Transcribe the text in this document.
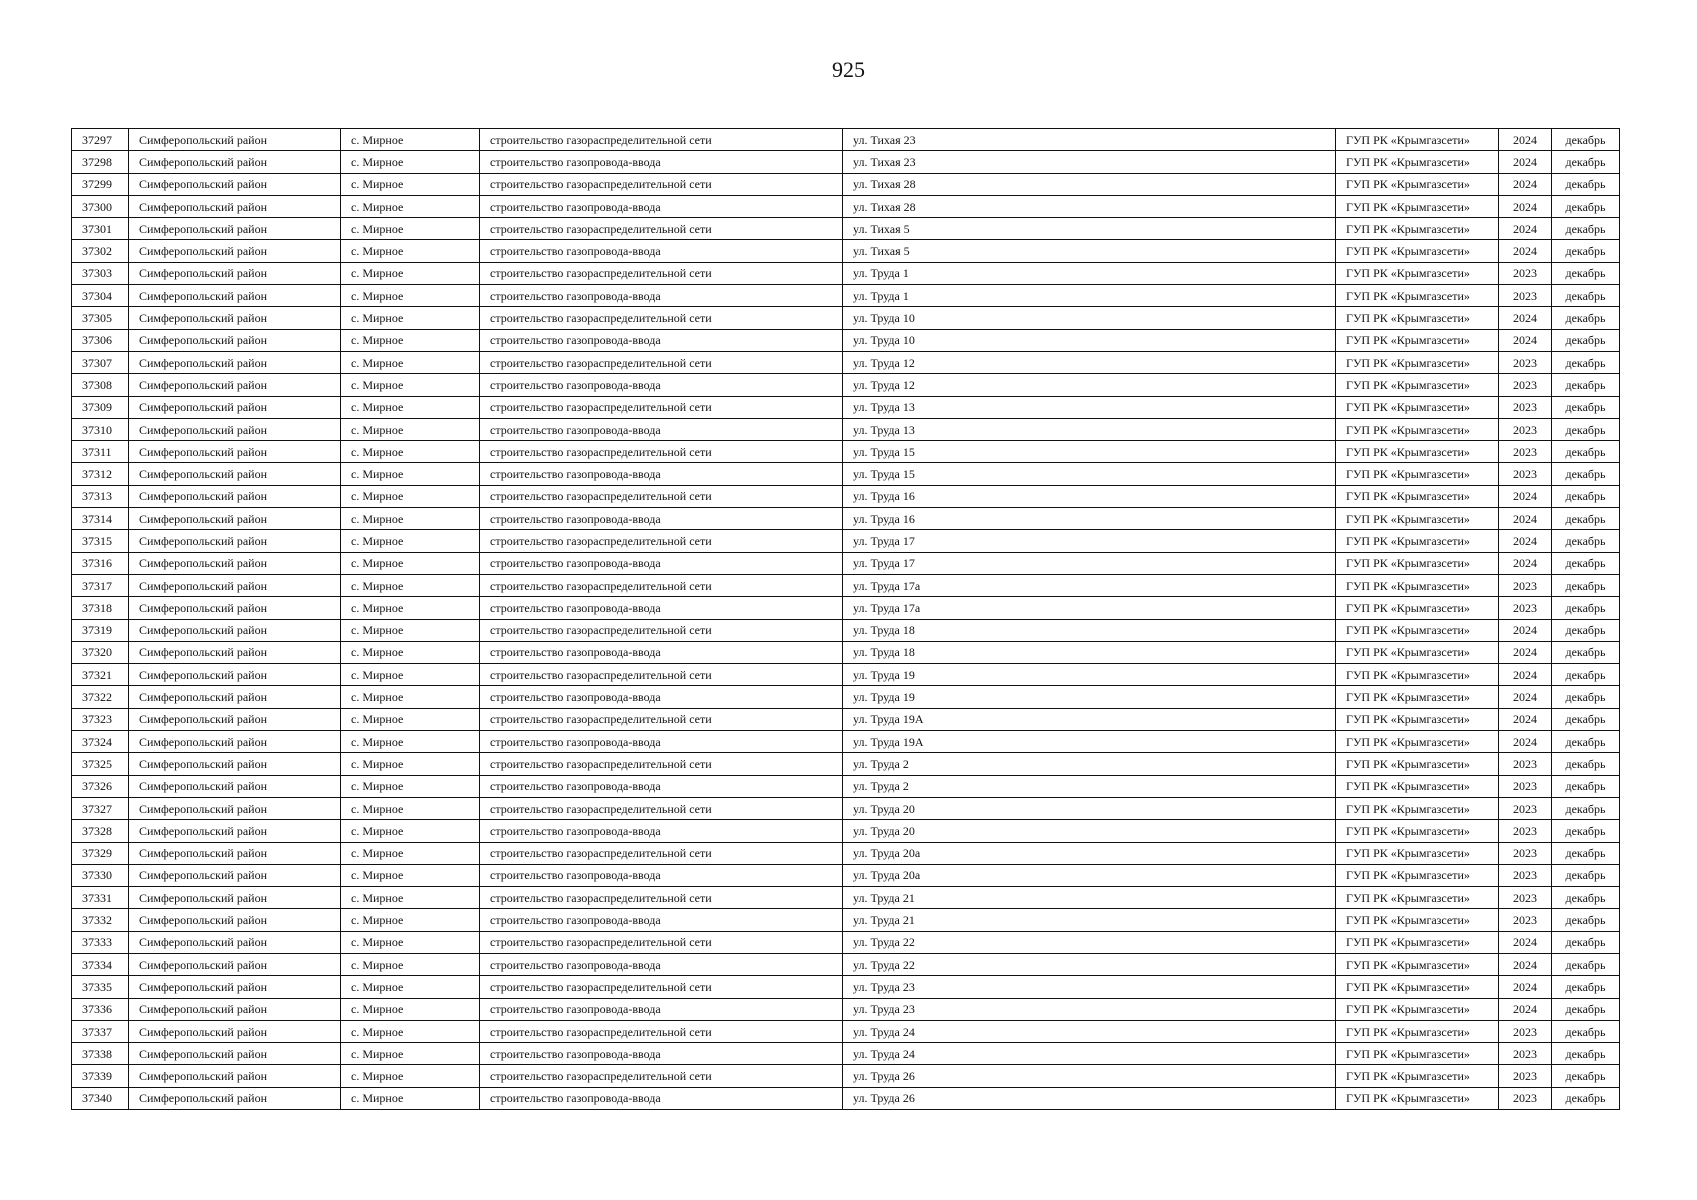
925
37297	Симферопольский район	с. Мирное	строительство газораспределительной сети	ул. Тихая 23	ГУП РК «Крымгазсети»	2024	декабрь
37298	Симферопольский район	с. Мирное	строительство газопровода-ввода	ул. Тихая 23	ГУП РК «Крымгазсети»	2024	декабрь
37299	Симферопольский район	с. Мирное	строительство газораспределительной сети	ул. Тихая 28	ГУП РК «Крымгазсети»	2024	декабрь
37300	Симферопольский район	с. Мирное	строительство газопровода-ввода	ул. Тихая 28	ГУП РК «Крымгазсети»	2024	декабрь
37301	Симферопольский район	с. Мирное	строительство газораспределительной сети	ул. Тихая 5	ГУП РК «Крымгазсети»	2024	декабрь
37302	Симферопольский район	с. Мирное	строительство газопровода-ввода	ул. Тихая 5	ГУП РК «Крымгазсети»	2024	декабрь
37303	Симферопольский район	с. Мирное	строительство газораспределительной сети	ул. Труда 1	ГУП РК «Крымгазсети»	2023	декабрь
37304	Симферопольский район	с. Мирное	строительство газопровода-ввода	ул. Труда 1	ГУП РК «Крымгазсети»	2023	декабрь
37305	Симферопольский район	с. Мирное	строительство газораспределительной сети	ул. Труда 10	ГУП РК «Крымгазсети»	2024	декабрь
37306	Симферопольский район	с. Мирное	строительство газопровода-ввода	ул. Труда 10	ГУП РК «Крымгазсети»	2024	декабрь
37307	Симферопольский район	с. Мирное	строительство газораспределительной сети	ул. Труда 12	ГУП РК «Крымгазсети»	2023	декабрь
37308	Симферопольский район	с. Мирное	строительство газопровода-ввода	ул. Труда 12	ГУП РК «Крымгазсети»	2023	декабрь
37309	Симферопольский район	с. Мирное	строительство газораспределительной сети	ул. Труда 13	ГУП РК «Крымгазсети»	2023	декабрь
37310	Симферопольский район	с. Мирное	строительство газопровода-ввода	ул. Труда 13	ГУП РК «Крымгазсети»	2023	декабрь
37311	Симферопольский район	с. Мирное	строительство газораспределительной сети	ул. Труда 15	ГУП РК «Крымгазсети»	2023	декабрь
37312	Симферопольский район	с. Мирное	строительство газопровода-ввода	ул. Труда 15	ГУП РК «Крымгазсети»	2023	декабрь
37313	Симферопольский район	с. Мирное	строительство газораспределительной сети	ул. Труда 16	ГУП РК «Крымгазсети»	2024	декабрь
37314	Симферопольский район	с. Мирное	строительство газопровода-ввода	ул. Труда 16	ГУП РК «Крымгазсети»	2024	декабрь
37315	Симферопольский район	с. Мирное	строительство газораспределительной сети	ул. Труда 17	ГУП РК «Крымгазсети»	2024	декабрь
37316	Симферопольский район	с. Мирное	строительство газопровода-ввода	ул. Труда 17	ГУП РК «Крымгазсети»	2024	декабрь
37317	Симферопольский район	с. Мирное	строительство газораспределительной сети	ул. Труда 17а	ГУП РК «Крымгазсети»	2023	декабрь
37318	Симферопольский район	с. Мирное	строительство газопровода-ввода	ул. Труда 17а	ГУП РК «Крымгазсети»	2023	декабрь
37319	Симферопольский район	с. Мирное	строительство газораспределительной сети	ул. Труда 18	ГУП РК «Крымгазсети»	2024	декабрь
37320	Симферопольский район	с. Мирное	строительство газопровода-ввода	ул. Труда 18	ГУП РК «Крымгазсети»	2024	декабрь
37321	Симферопольский район	с. Мирное	строительство газораспределительной сети	ул. Труда 19	ГУП РК «Крымгазсети»	2024	декабрь
37322	Симферопольский район	с. Мирное	строительство газопровода-ввода	ул. Труда 19	ГУП РК «Крымгазсети»	2024	декабрь
37323	Симферопольский район	с. Мирное	строительство газораспределительной сети	ул. Труда 19А	ГУП РК «Крымгазсети»	2024	декабрь
37324	Симферопольский район	с. Мирное	строительство газопровода-ввода	ул. Труда 19А	ГУП РК «Крымгазсети»	2024	декабрь
37325	Симферопольский район	с. Мирное	строительство газораспределительной сети	ул. Труда 2	ГУП РК «Крымгазсети»	2023	декабрь
37326	Симферопольский район	с. Мирное	строительство газопровода-ввода	ул. Труда 2	ГУП РК «Крымгазсети»	2023	декабрь
37327	Симферопольский район	с. Мирное	строительство газораспределительной сети	ул. Труда 20	ГУП РК «Крымгазсети»	2023	декабрь
37328	Симферопольский район	с. Мирное	строительство газопровода-ввода	ул. Труда 20	ГУП РК «Крымгазсети»	2023	декабрь
37329	Симферопольский район	с. Мирное	строительство газораспределительной сети	ул. Труда 20а	ГУП РК «Крымгазсети»	2023	декабрь
37330	Симферопольский район	с. Мирное	строительство газопровода-ввода	ул. Труда 20а	ГУП РК «Крымгазсети»	2023	декабрь
37331	Симферопольский район	с. Мирное	строительство газораспределительной сети	ул. Труда 21	ГУП РК «Крымгазсети»	2023	декабрь
37332	Симферопольский район	с. Мирное	строительство газопровода-ввода	ул. Труда 21	ГУП РК «Крымгазсети»	2023	декабрь
37333	Симферопольский район	с. Мирное	строительство газораспределительной сети	ул. Труда 22	ГУП РК «Крымгазсети»	2024	декабрь
37334	Симферопольский район	с. Мирное	строительство газопровода-ввода	ул. Труда 22	ГУП РК «Крымгазсети»	2024	декабрь
37335	Симферопольский район	с. Мирное	строительство газораспределительной сети	ул. Труда 23	ГУП РК «Крымгазсети»	2024	декабрь
37336	Симферопольский район	с. Мирное	строительство газопровода-ввода	ул. Труда 23	ГУП РК «Крымгазсети»	2024	декабрь
37337	Симферопольский район	с. Мирное	строительство газораспределительной сети	ул. Труда 24	ГУП РК «Крымгазсети»	2023	декабрь
37338	Симферопольский район	с. Мирное	строительство газопровода-ввода	ул. Труда 24	ГУП РК «Крымгазсети»	2023	декабрь
37339	Симферопольский район	с. Мирное	строительство газораспределительной сети	ул. Труда 26	ГУП РК «Крымгазсети»	2023	декабрь
37340	Симферопольский район	с. Мирное	строительство газопровода-ввода	ул. Труда 26	ГУП РК «Крымгазсети»	2023	декабрь
